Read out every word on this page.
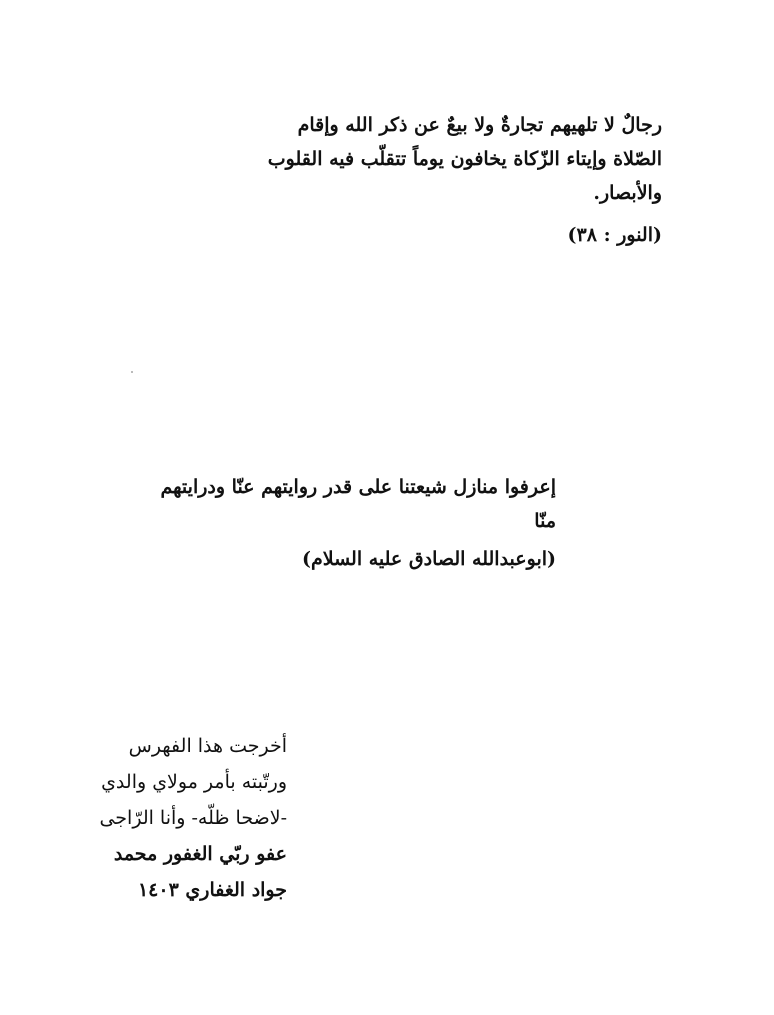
رجالٌ لا تلهيهم تجارةٌ ولا بيعٌ عن ذكر الله وإقام

الصّلاة وإيتاء الزّكاة يخافون يوماً تتقلّب فيه القلوب

والأبصار.

(النور : ٣٨)

إعرفوا منازل شيعتنا على قدر روايتهم عنّا ودرايتهم

منّا

(ابوعبدالله الصادق عليه السلام)

أخرجت هذا الفهرس

ورتّبته بأمر مولاي والدي

-لاضحا ظلّه- وأنا الرّاجى

عفو ربّي الغفور محمد

جواد الغفاري ١٤٠٣
